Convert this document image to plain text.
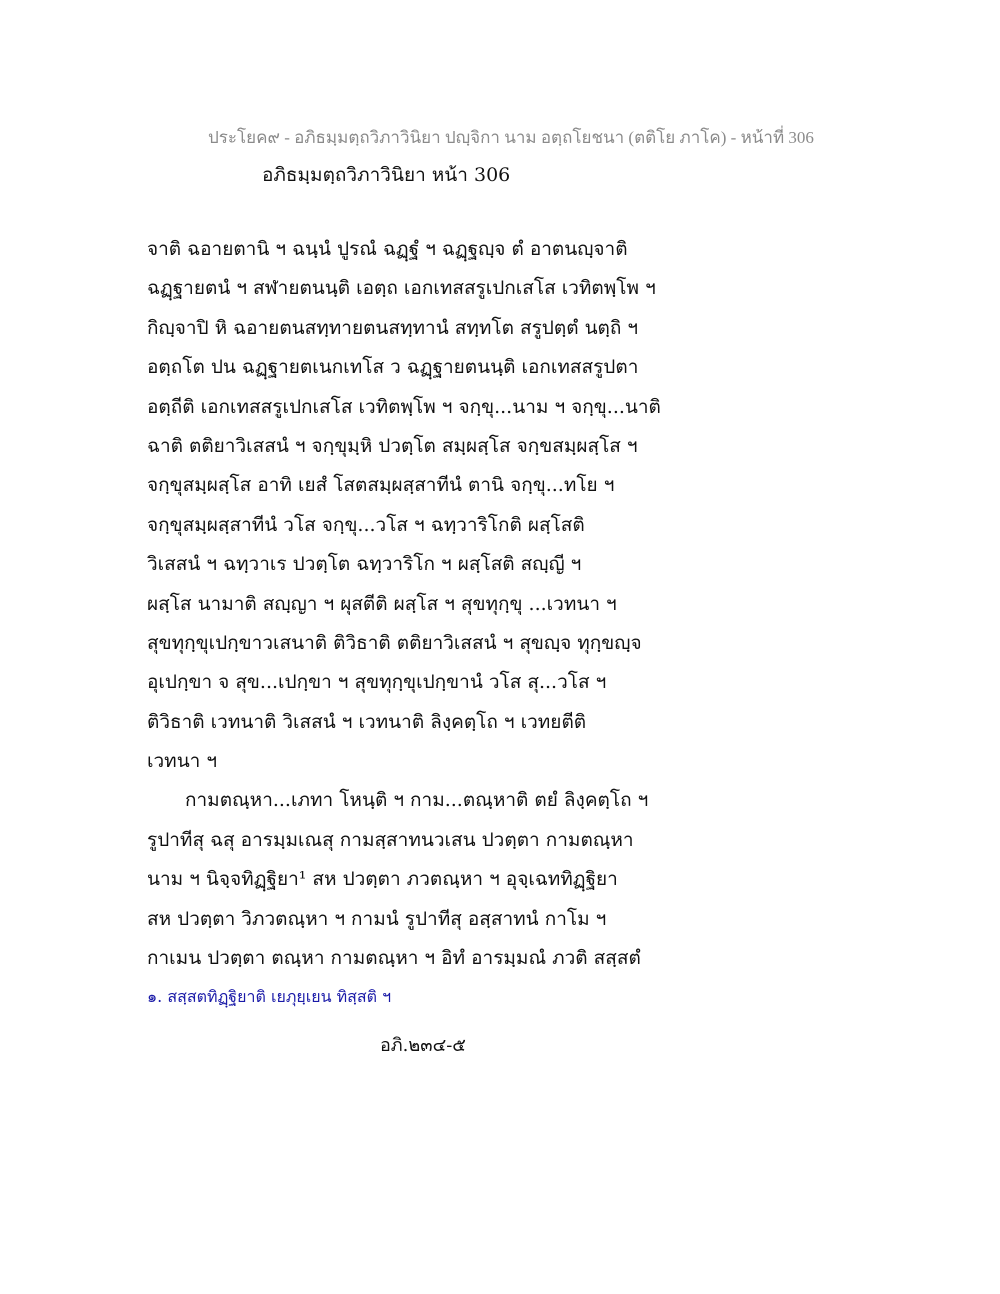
ประโยค๙ - อภิธมฺมตฺถวิภาวินิยา ปญฺจิกา นาม อตฺถโยชนา (ตติโย ภาโค) - หน้าที่ 306
อภิธมฺมตฺถวิภาวินิยา หน้า 306
จาติ ฉอายตานิ ฯ ฉนฺนํ ปูรณํ ฉฏฺฐํ ฯ ฉฏฺฐญฺจ ตํ อาตนญฺจาติ
ฉฏฺฐายตนํ ฯ สฬายตนนฺติ เอตฺถ เอกเทสสรูเปกเสโส เวทิตพฺโพ ฯ
กิญฺจาปิ หิ ฉอายตนสทฺทายตนสทฺทานํ สทฺทโต สรูปตฺตํ นตฺถิ ฯ
อตฺถโต ปน ฉฏฺฐายตเนกเทโส ว ฉฏฺฐายตนนฺติ เอกเทสสรูปตา
อตฺถีติ เอกเทสสรูเปกเสโส เวทิตพฺโพ ฯ จกฺขุ...นาม ฯ จกฺขุ...นาติ
ฉาติ ตติยาวิเสสนํ ฯ จกฺขุมฺหิ ปวตฺโต สมฺผสฺโส จกฺขสมฺผสฺโส ฯ
จกฺขุสมฺผสฺโส อาทิ เยสํ โสตสมฺผสฺสาทีนํ ตานิ จกฺขุ...ทโย ฯ
จกฺขุสมฺผสฺสาทีนํ วโส จกฺขุ...วโส ฯ ฉทฺวาริโกติ ผสฺโสติ
วิเสสนํ ฯ ฉทฺวาเร ปวตฺโต ฉทฺวาริโก ฯ ผสฺโสติ สญฺญี ฯ
ผสฺโส นามาติ สญฺญา ฯ ผุสตีติ ผสฺโส ฯ สุขทุกฺขุ ...เวทนา ฯ
สุขทุกฺขุเปกฺขาวเสนาติ ติวิธาติ ตติยาวิเสสนํ ฯ สุขญฺจ ทุกฺขญฺจ
อุเปกฺขา จ สุข...เปกฺขา ฯ สุขทุกฺขุเปกฺขานํ วโส สุ...วโส ฯ
ติวิธาติ เวทนาติ วิเสสนํ ฯ เวทนาติ ลิงฺคตฺโถ ฯ เวทยตีติ
เวทนา ฯ
กามตณฺหา...เภทา โหนฺติ ฯ กาม...ตณฺหาติ ตยํ ลิงฺคตฺโถ ฯ
รูปาทีสุ ฉสุ อารมฺมเณสุ กามสฺสาทนวเสน ปวตฺตา กามตณฺหา
นาม ฯ นิจฺจทิฏฺฐิยา¹ สห ปวตฺตา ภวตณฺหา ฯ อุจฺเฉททิฏฺฐิยา
สห ปวตฺตา วิภวตณฺหา ฯ กามนํ รูปาทีสุ อสฺสาทนํ กาโม ฯ
กาเมน ปวตฺตา ตณฺหา กามตณฺหา ฯ อิทํ อารมฺมณํ ภวติ สสฺสตํ
๑. สสฺสตทิฏฺฐิยาติ เยภุยฺเยน ทิสฺสติ ฯ
อภิ.๒๓๔-๕
